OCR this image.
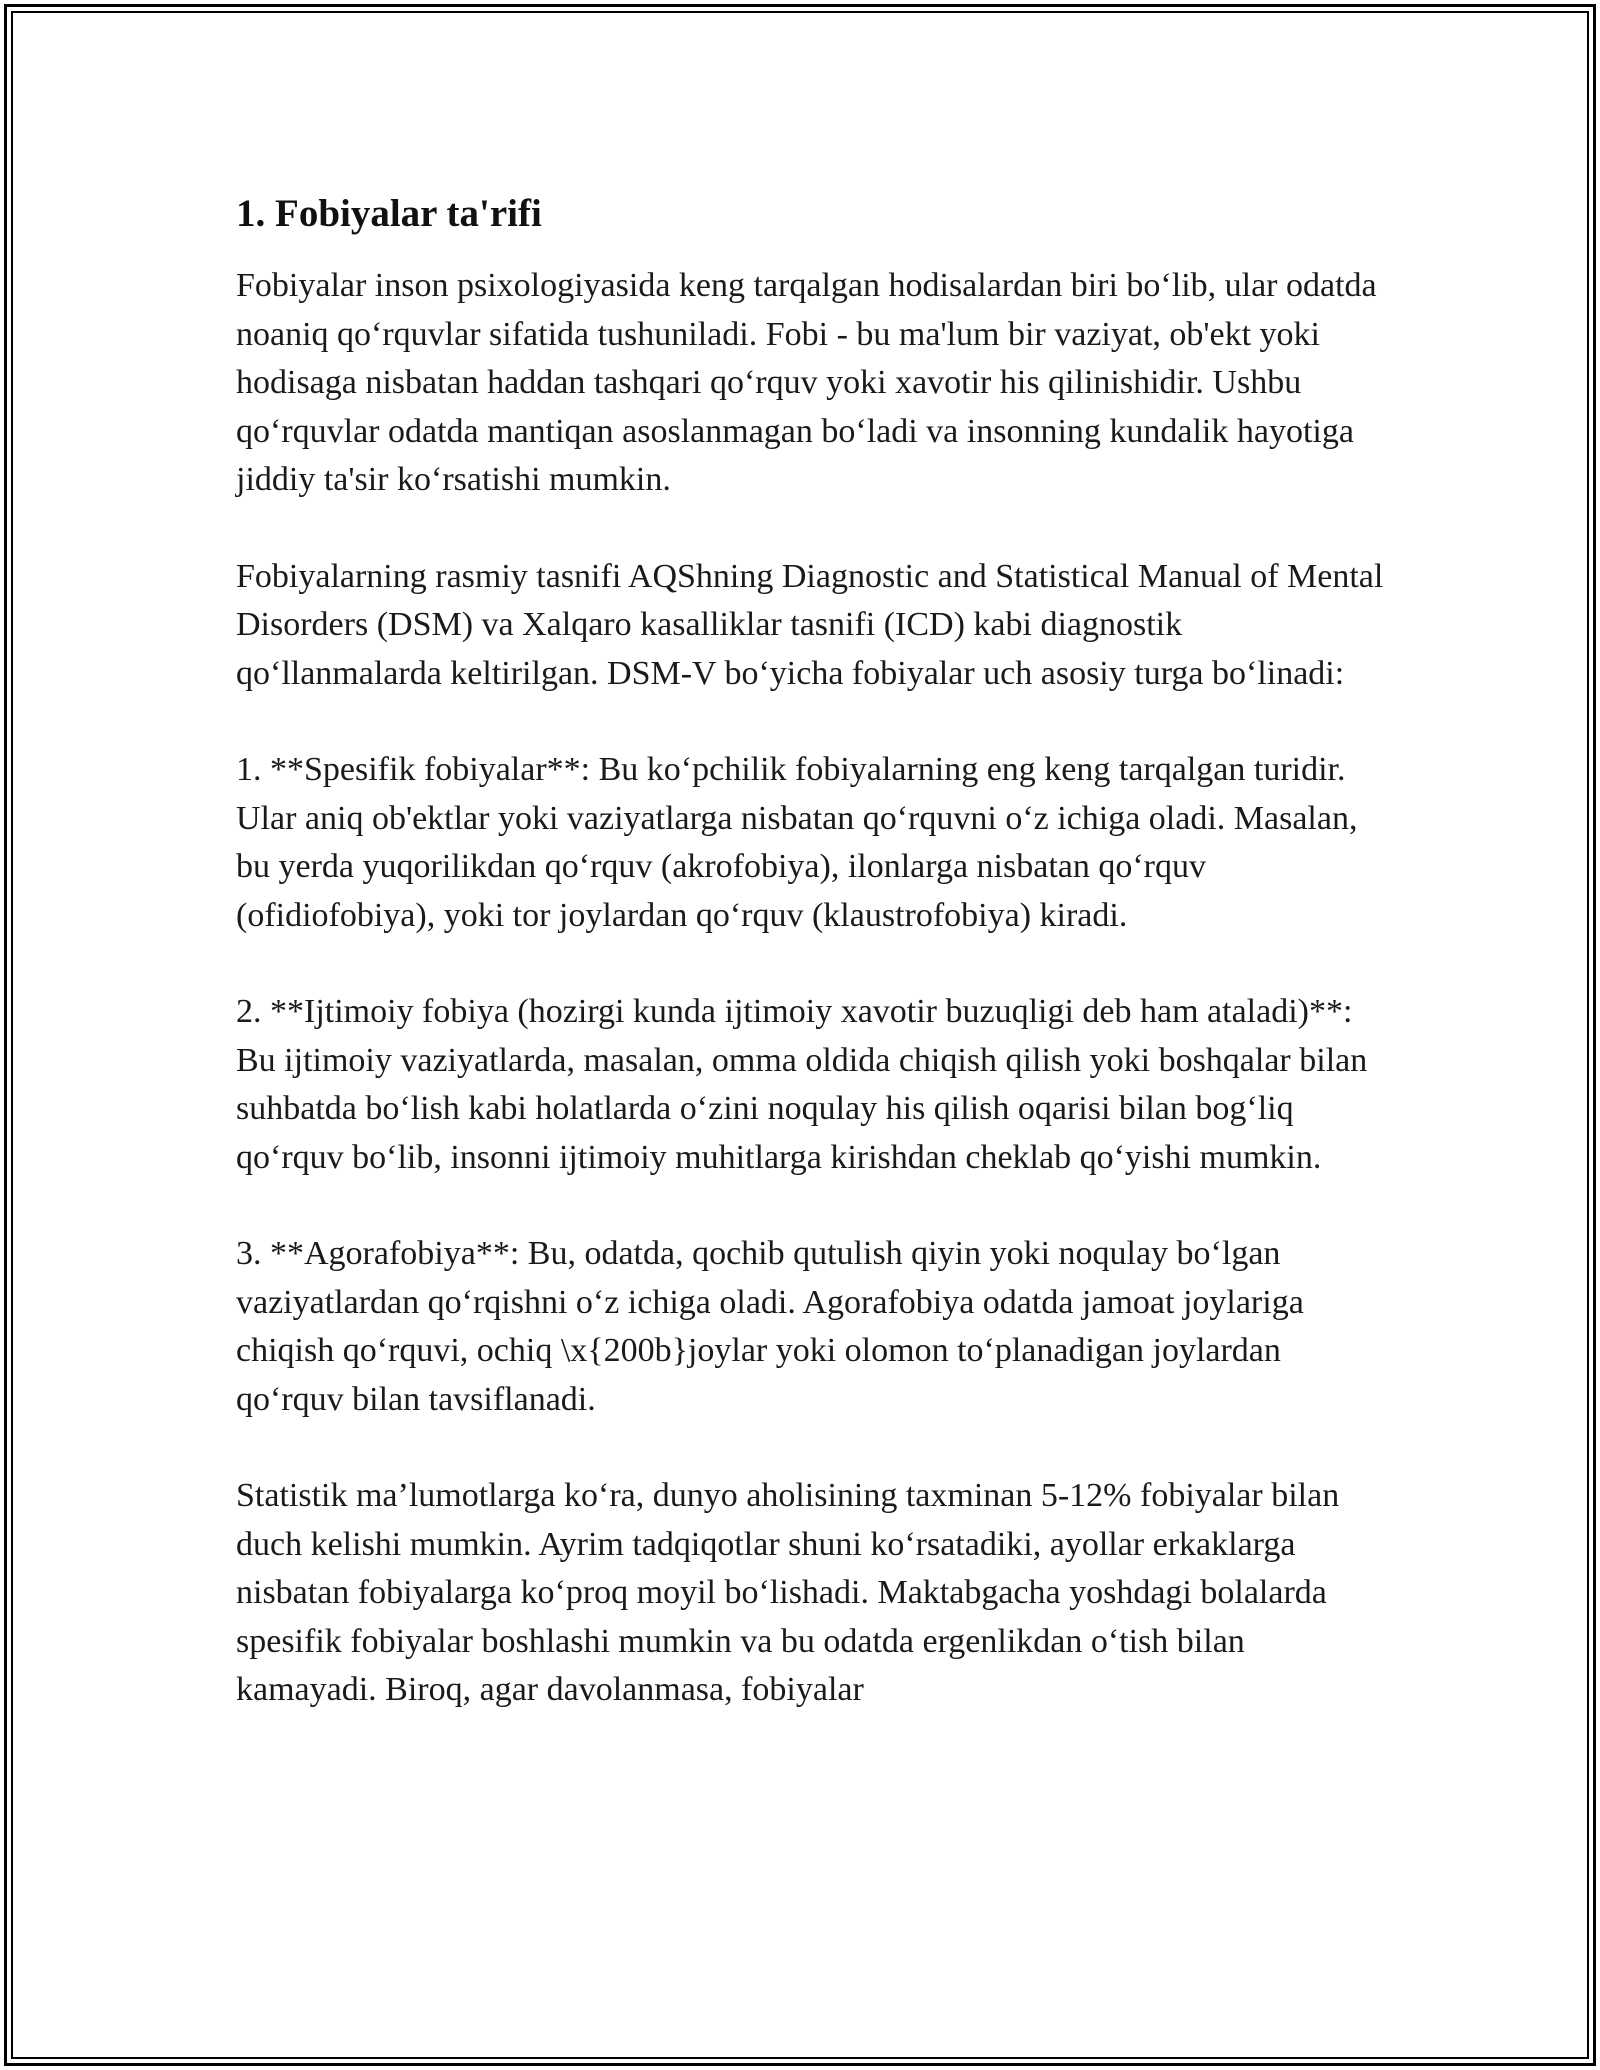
1. Fobiyalar ta'rifi

Fobiyalar inson psixologiyasida keng tarqalgan hodisalardan biri bo‘lib, ular odatda noaniq qo‘rquvlar sifatida tushuniladi. Fobi - bu ma'lum bir vaziyat, ob'ekt yoki hodisaga nisbatan haddan tashqari qo‘rquv yoki xavotir his qilinishidir. Ushbu qo‘rquvlar odatda mantiqan asoslanmagan bo‘ladi va insonning kundalik hayotiga jiddiy ta'sir ko‘rsatishi mumkin.

Fobiyalarning rasmiy tasnifi AQShning Diagnostic and Statistical Manual of Mental Disorders (DSM) va Xalqaro kasalliklar tasnifi (ICD) kabi diagnostik qo‘llanmalarda keltirilgan. DSM-V bo‘yicha fobiyalar uch asosiy turga bo‘linadi:

1. **Spesifik fobiyalar**: Bu ko‘pchilik fobiyalarning eng keng tarqalgan turidir. Ular aniq ob'ektlar yoki vaziyatlarga nisbatan qo‘rquvni o‘z ichiga oladi. Masalan, bu yerda yuqorilikdan qo‘rquv (akrofobiya), ilonlarga nisbatan qo‘rquv (ofidiofobiya), yoki tor joylardan qo‘rquv (klaustrofobiya) kiradi.

2. **Ijtimoiy fobiya (hozirgi kunda ijtimoiy xavotir buzuqligi deb ham ataladi)**: Bu ijtimoiy vaziyatlarda, masalan, omma oldida chiqish qilish yoki boshqalar bilan suhbatda bo‘lish kabi holatlarda o‘zini noqulay his qilish oqarisi bilan bog‘liq qo‘rquv bo‘lib, insonni ijtimoiy muhitlarga kirishdan cheklab qo‘yishi mumkin.

3. **Agorafobiya**: Bu, odatda, qochib qutulish qiyin yoki noqulay bo‘lgan vaziyatlardan qo‘rqishni o‘z ichiga oladi. Agorafobiya odatda jamoat joylariga chiqish qo‘rquvi, ochiq \x{200b}joylar yoki olomon to‘planadigan joylardan qo‘rquv bilan tavsiflanadi.

Statistik ma’lumotlarga ko‘ra, dunyo aholisining taxminan 5-12% fobiyalar bilan duch kelishi mumkin. Ayrim tadqiqotlar shuni ko‘rsatadiki, ayollar erkaklarga nisbatan fobiyalarga ko‘proq moyil bo‘lishadi. Maktabgacha yoshdagi bolalarda spesifik fobiyalar boshlashi mumkin va bu odatda ergenlikdan o‘tish bilan kamayadi. Biroq, agar davolanmasa, fobiyalar
